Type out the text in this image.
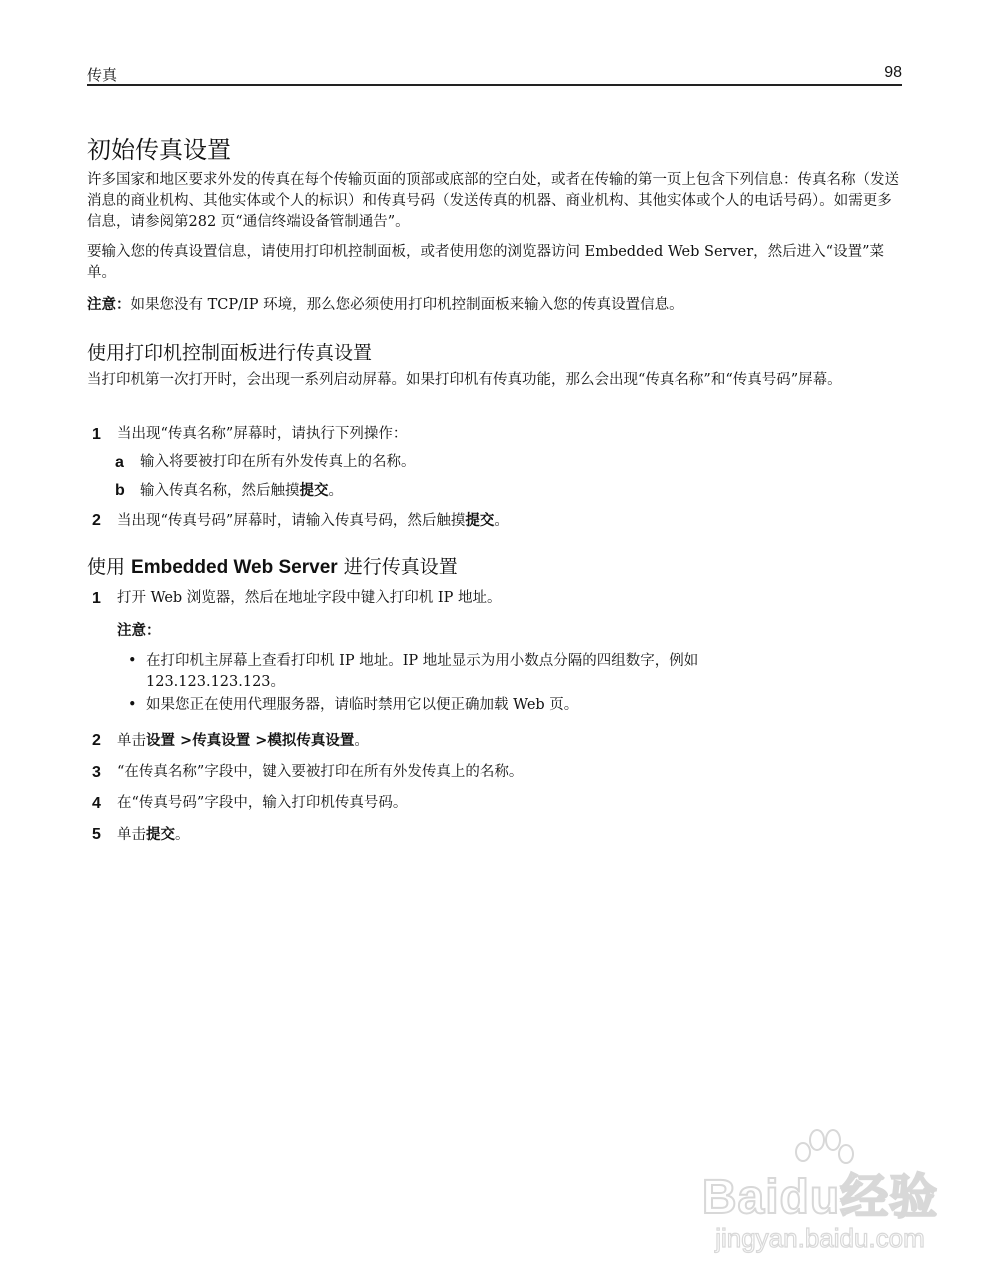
传真	98
初始传真设置

许多国家和地区要求外发的传真在每个传输页面的顶部或底部的空白处，或者在传输的第一页上包含下列信息：传真名称（发送消息的商业机构、其他实体或个人的标识）和传真号码（发送传真的机器、商业机构、其他实体或个人的电话号码）。如需更多信息，请参阅第282 页“通信终端设备管制通告”。

要输入您的传真设置信息，请使用打印机控制面板，或者使用您的浏览器访问 Embedded Web Server，然后进入“设置”菜单。

注意：如果您没有 TCP/IP 环境，那么您必须使用打印机控制面板来输入您的传真设置信息。

使用打印机控制面板进行传真设置

当打印机第一次打开时，会出现一系列启动屏幕。如果打印机有传真功能，那么会出现“传真名称”和“传真号码”屏幕。

1 当出现“传真名称”屏幕时，请执行下列操作：
a 输入将要被打印在所有外发传真上的名称。
b 输入传真名称，然后触摸提交。
2 当出现“传真号码”屏幕时，请输入传真号码，然后触摸提交。
使用 Embedded Web Server 进行传真设置
1 打开 Web 浏览器，然后在地址字段中键入打印机 IP 地址。
注意：
• 在打印机主屏幕上查看打印机 IP 地址。IP 地址显示为用小数点分隔的四组数字，例如 123.123.123.123。
• 如果您正在使用代理服务器，请临时禁用它以便正确加载 Web 页。
2 单击设置 >传真设置 >模拟传真设置。
3 “在传真名称”字段中，键入要被打印在所有外发传真上的名称。
4 在“传真号码”字段中，输入打印机传真号码。
5 单击提交。
Baidu经验
jingyan.baidu.com
